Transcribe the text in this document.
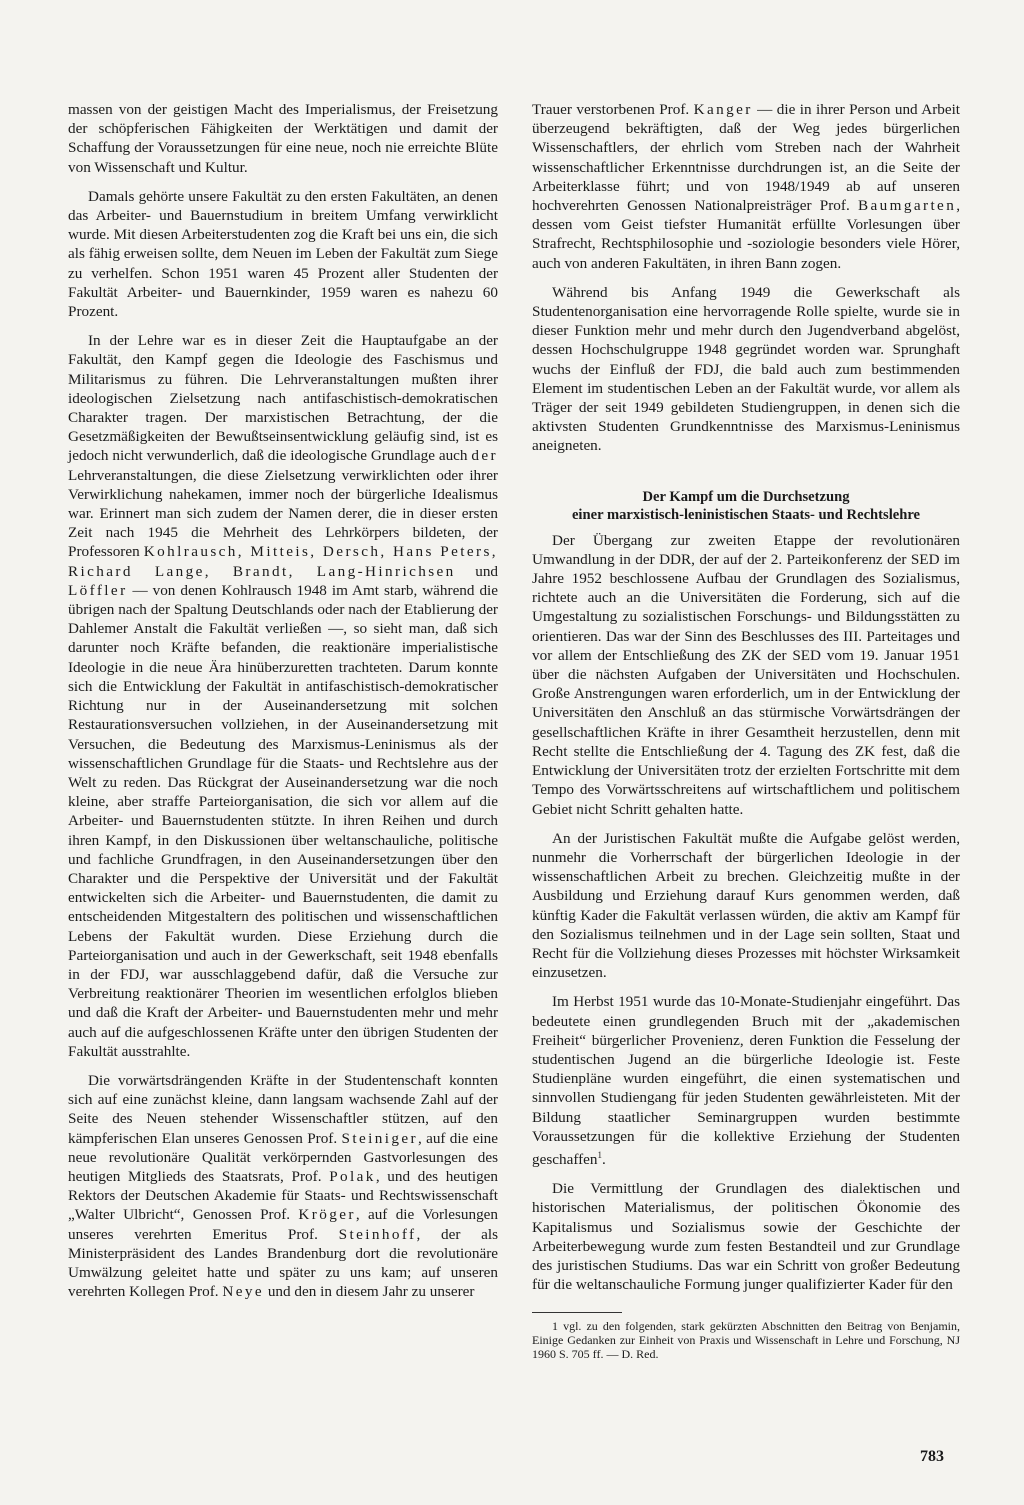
massen von der geistigen Macht des Imperialismus, der Freisetzung der schöpferischen Fähigkeiten der Werktätigen und damit der Schaffung der Voraussetzungen für eine neue, noch nie erreichte Blüte von Wissenschaft und Kultur.

Damals gehörte unsere Fakultät zu den ersten Fakultäten, an denen das Arbeiter- und Bauernstudium in breitem Umfang verwirklicht wurde. Mit diesen Arbeiterstudenten zog die Kraft bei uns ein, die sich als fähig erweisen sollte, dem Neuen im Leben der Fakultät zum Siege zu verhelfen. Schon 1951 waren 45 Prozent aller Studenten der Fakultät Arbeiter- und Bauernkinder, 1959 waren es nahezu 60 Prozent.

In der Lehre war es in dieser Zeit die Hauptaufgabe an der Fakultät, den Kampf gegen die Ideologie des Faschismus und Militarismus zu führen. Die Lehrveranstaltungen mußten ihrer ideologischen Zielsetzung nach antifaschistisch-demokratischen Charakter tragen. Der marxistischen Betrachtung, der die Gesetzmäßigkeiten der Bewußtseinsentwicklung geläufig sind, ist es jedoch nicht verwunderlich, daß die ideologische Grundlage auch der Lehrveranstaltungen, die diese Zielsetzung verwirklichten oder ihrer Verwirklichung nahekamen, immer noch der bürgerliche Idealismus war. Erinnert man sich zudem der Namen derer, die in dieser ersten Zeit nach 1945 die Mehrheit des Lehrkörpers bildeten, der Professoren Kohlrausch, Mitteis, Dersch, Hans Peters, Richard Lange, Brandt, Lang-Hinrichsen und Löffler — von denen Kohlrausch 1948 im Amt starb, während die übrigen nach der Spaltung Deutschlands oder nach der Etablierung der Dahlemer Anstalt die Fakultät verließen —, so sieht man, daß sich darunter noch Kräfte befanden, die reaktionäre imperialistische Ideologie in die neue Ära hinüberzuretten trachteten. Darum konnte sich die Entwicklung der Fakultät in antifaschistisch-demokratischer Richtung nur in der Auseinandersetzung mit solchen Restaurationsversuchen vollziehen, in der Auseinandersetzung mit Versuchen, die Bedeutung des Marxismus-Leninismus als der wissenschaftlichen Grundlage für die Staats- und Rechtslehre aus der Welt zu reden. Das Rückgrat der Auseinandersetzung war die noch kleine, aber straffe Parteiorganisation, die sich vor allem auf die Arbeiter- und Bauernstudenten stützte. In ihren Reihen und durch ihren Kampf, in den Diskussionen über weltanschauliche, politische und fachliche Grundfragen, in den Auseinandersetzungen über den Charakter und die Perspektive der Universität und der Fakultät entwickelten sich die Arbeiter- und Bauernstudenten, die damit zu entscheidenden Mitgestaltern des politischen und wissenschaftlichen Lebens der Fakultät wurden. Diese Erziehung durch die Parteiorganisation und auch in der Gewerkschaft, seit 1948 ebenfalls in der FDJ, war ausschlaggebend dafür, daß die Versuche zur Verbreitung reaktionärer Theorien im wesentlichen erfolglos blieben und daß die Kraft der Arbeiter- und Bauernstudenten mehr und mehr auch auf die aufgeschlossenen Kräfte unter den übrigen Studenten der Fakultät ausstrahlte.

Die vorwärtsdrängenden Kräfte in der Studentenschaft konnten sich auf eine zunächst kleine, dann langsam wachsende Zahl auf der Seite des Neuen stehender Wissenschaftler stützen, auf den kämpferischen Elan unseres Genossen Prof. Steiniger, auf die eine neue revolutionäre Qualität verkörpernden Gastvorlesungen des heutigen Mitglieds des Staatsrats, Prof. Polak, und des heutigen Rektors der Deutschen Akademie für Staats- und Rechtswissenschaft „Walter Ulbricht“, Genossen Prof. Kröger, auf die Vorlesungen unseres verehrten Emeritus Prof. Steinhoff, der als Ministerpräsident des Landes Brandenburg dort die revolutionäre Umwälzung geleitet hatte und später zu uns kam; auf unseren verehrten Kollegen Prof. Neye und den in diesem Jahr zu unserer

Trauer verstorbenen Prof. Kanger — die in ihrer Person und Arbeit überzeugend bekräftigten, daß der Weg jedes bürgerlichen Wissenschaftlers, der ehrlich vom Streben nach der Wahrheit wissenschaftlicher Erkenntnisse durchdrungen ist, an die Seite der Arbeiterklasse führt; und von 1948/1949 ab auf unseren hochverehrten Genossen Nationalpreisträger Prof. Baumgarten, dessen vom Geist tiefster Humanität erfüllte Vorlesungen über Strafrecht, Rechtsphilosophie und -soziologie besonders viele Hörer, auch von anderen Fakultäten, in ihren Bann zogen.

Während bis Anfang 1949 die Gewerkschaft als Studentenorganisation eine hervorragende Rolle spielte, wurde sie in dieser Funktion mehr und mehr durch den Jugendverband abgelöst, dessen Hochschulgruppe 1948 gegründet worden war. Sprunghaft wuchs der Einfluß der FDJ, die bald auch zum bestimmenden Element im studentischen Leben an der Fakultät wurde, vor allem als Träger der seit 1949 gebildeten Studiengruppen, in denen sich die aktivsten Studenten Grundkenntnisse des Marxismus-Leninismus aneigneten.

Der Kampf um die Durchsetzung
einer marxistisch-leninistischen Staats- und Rechtslehre

Der Übergang zur zweiten Etappe der revolutionären Umwandlung in der DDR, der auf der 2. Parteikonferenz der SED im Jahre 1952 beschlossene Aufbau der Grundlagen des Sozialismus, richtete auch an die Universitäten die Forderung, sich auf die Umgestaltung zu sozialistischen Forschungs- und Bildungsstätten zu orientieren. Das war der Sinn des Beschlusses des III. Parteitages und vor allem der Entschließung des ZK der SED vom 19. Januar 1951 über die nächsten Aufgaben der Universitäten und Hochschulen. Große Anstrengungen waren erforderlich, um in der Entwicklung der Universitäten den Anschluß an das stürmische Vorwärtsdrängen der gesellschaftlichen Kräfte in ihrer Gesamtheit herzustellen, denn mit Recht stellte die Entschließung der 4. Tagung des ZK fest, daß die Entwicklung der Universitäten trotz der erzielten Fortschritte mit dem Tempo des Vorwärtsschreitens auf wirtschaftlichem und politischem Gebiet nicht Schritt gehalten hatte.

An der Juristischen Fakultät mußte die Aufgabe gelöst werden, nunmehr die Vorherrschaft der bürgerlichen Ideologie in der wissenschaftlichen Arbeit zu brechen. Gleichzeitig mußte in der Ausbildung und Erziehung darauf Kurs genommen werden, daß künftig Kader die Fakultät verlassen würden, die aktiv am Kampf für den Sozialismus teilnehmen und in der Lage sein sollten, Staat und Recht für die Vollziehung dieses Prozesses mit höchster Wirksamkeit einzusetzen.

Im Herbst 1951 wurde das 10-Monate-Studienjahr eingeführt. Das bedeutete einen grundlegenden Bruch mit der „akademischen Freiheit“ bürgerlicher Provenienz, deren Funktion die Fesselung der studentischen Jugend an die bürgerliche Ideologie ist. Feste Studienpläne wurden eingeführt, die einen systematischen und sinnvollen Studiengang für jeden Studenten gewährleisteten. Mit der Bildung staatlicher Seminargruppen wurden bestimmte Voraussetzungen für die kollektive Erziehung der Studenten geschaffen$^1$.

Die Vermittlung der Grundlagen des dialektischen und historischen Materialismus, der politischen Ökonomie des Kapitalismus und Sozialismus sowie der Geschichte der Arbeiterbewegung wurde zum festen Bestandteil und zur Grundlage des juristischen Studiums. Das war ein Schritt von großer Bedeutung für die weltanschauliche Formung junger qualifizierter Kader für den

1 vgl. zu den folgenden, stark gekürzten Abschnitten den Beitrag von Benjamin, Einige Gedanken zur Einheit von Praxis und Wissenschaft in Lehre und Forschung, NJ 1960 S. 705 ff. — D. Red.

783
